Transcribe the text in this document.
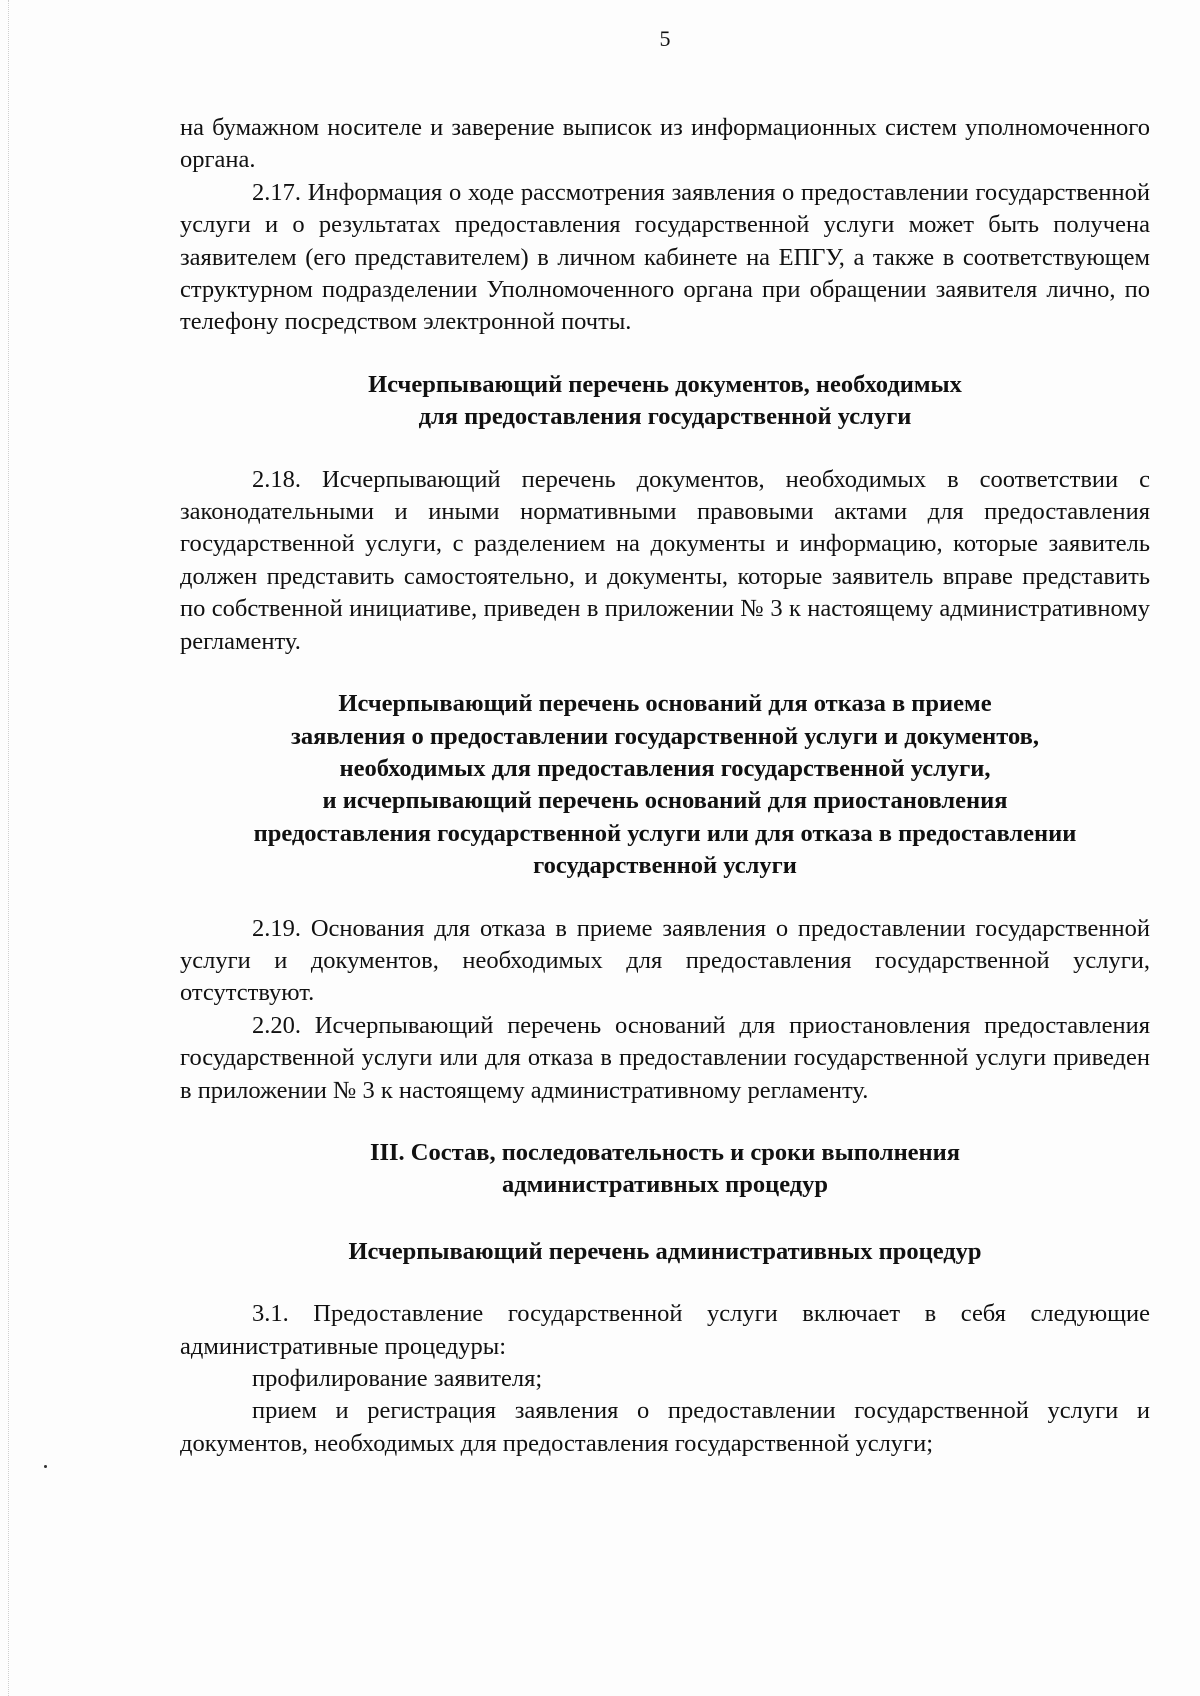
5

на бумажном носителе и заверение выписок из информационных систем уполномоченного органа.

2.17. Информация о ходе рассмотрения заявления о предоставлении государственной услуги и о результатах предоставления государственной услуги может быть получена заявителем (его представителем) в личном кабинете на ЕПГУ, а также в соответствующем структурном подразделении Уполномоченного органа при обращении заявителя лично, по телефону посредством электронной почты.

Исчерпывающий перечень документов, необходимых
для предоставления государственной услуги

2.18. Исчерпывающий перечень документов, необходимых в соответствии с законодательными и иными нормативными правовыми актами для предоставления государственной услуги, с разделением на документы и информацию, которые заявитель должен представить самостоятельно, и документы, которые заявитель вправе представить по собственной инициативе, приведен в приложении № 3 к настоящему административному регламенту.

Исчерпывающий перечень оснований для отказа в приеме
заявления о предоставлении государственной услуги и документов,
необходимых для предоставления государственной услуги,
и исчерпывающий перечень оснований для приостановления
предоставления государственной услуги или для отказа в предоставлении
государственной услуги

2.19. Основания для отказа в приеме заявления о предоставлении государственной услуги и документов, необходимых для предоставления государственной услуги, отсутствуют.

2.20. Исчерпывающий перечень оснований для приостановления предоставления государственной услуги или для отказа в предоставлении государственной услуги приведен в приложении № 3 к настоящему административному регламенту.

III. Состав, последовательность и сроки выполнения
административных процедур
Исчерпывающий перечень административных процедур

3.1. Предоставление государственной услуги включает в себя следующие административные процедуры:

профилирование заявителя;

прием и регистрация заявления о предоставлении государственной услуги и документов, необходимых для предоставления государственной услуги;
